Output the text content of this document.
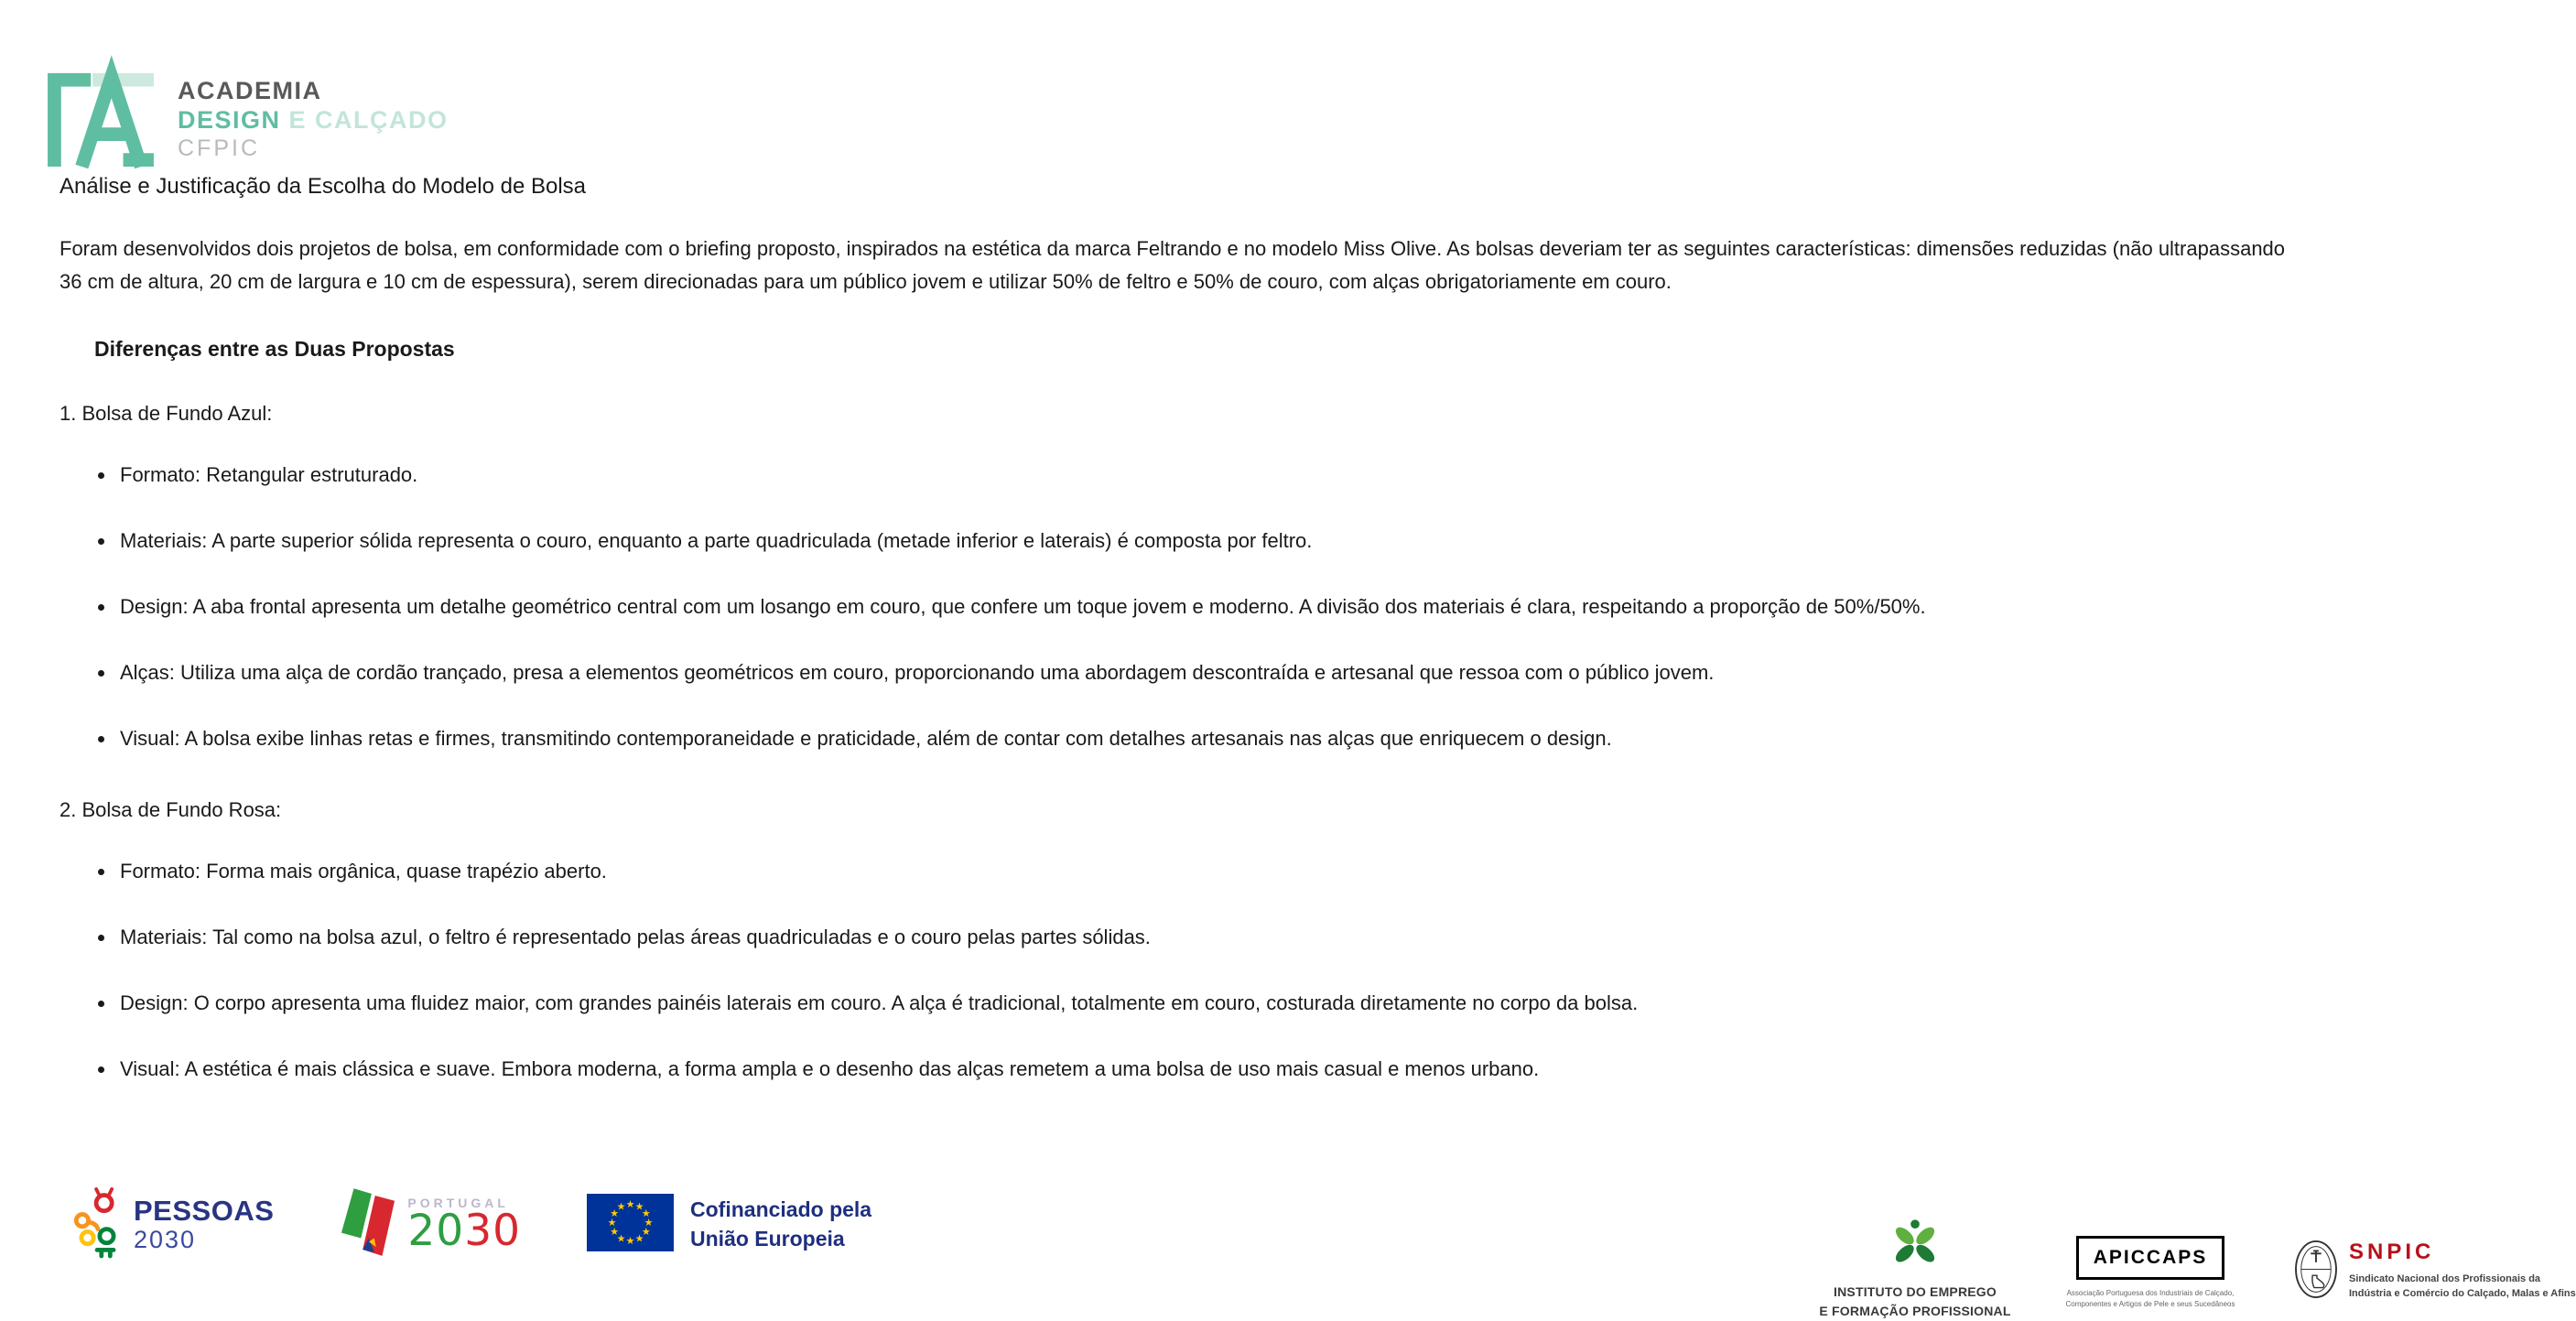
ACADEMIA
DESIGN E CALÇADO
CFPIC
Análise e Justificação da Escolha do Modelo de Bolsa

Foram desenvolvidos dois projetos de bolsa, em conformidade com o briefing proposto, inspirados na estética da marca Feltrando e no modelo Miss Olive. As bolsas deveriam ter as seguintes características: dimensões reduzidas (não ultrapassando 36 cm de altura, 20 cm de largura e 10 cm de espessura), serem direcionadas para um público jovem e utilizar 50% de feltro e 50% de couro, com alças obrigatoriamente em couro.

Diferenças entre as Duas Propostas

1. Bolsa de Fundo Azul:

• Formato: Retangular estruturado.
• Materiais: A parte superior sólida representa o couro, enquanto a parte quadriculada (metade inferior e laterais) é composta por feltro.
• Design: A aba frontal apresenta um detalhe geométrico central com um losango em couro, que confere um toque jovem e moderno. A divisão dos materiais é clara, respeitando a proporção de 50%/50%.
• Alças: Utiliza uma alça de cordão trançado, presa a elementos geométricos em couro, proporcionando uma abordagem descontraída e artesanal que ressoa com o público jovem.
• Visual: A bolsa exibe linhas retas e firmes, transmitindo contemporaneidade e praticidade, além de contar com detalhes artesanais nas alças que enriquecem o design.

2. Bolsa de Fundo Rosa:

• Formato: Forma mais orgânica, quase trapézio aberto.
• Materiais: Tal como na bolsa azul, o feltro é representado pelas áreas quadriculadas e o couro pelas partes sólidas.
• Design: O corpo apresenta uma fluidez maior, com grandes painéis laterais em couro. A alça é tradicional, totalmente em couro, costurada diretamente no corpo da bolsa.
• Visual: A estética é mais clássica e suave. Embora moderna, a forma ampla e o desenho das alças remetem a uma bolsa de uso mais casual e menos urbano.
PESSOAS
2030
PORTUGAL
2030
★ ★
★
★
★
★
★
★
★
★
★
★	Cofinanciado pela
União Europeia
INSTITUTO DO EMPREGO
E FORMAÇÃO PROFISSIONAL
APICCAPS
Associação Portuguesa dos Industriais de Calçado,
Componentes e Artigos de Pele e seus Sucedâneos
SNPIC
Sindicato Nacional dos Profissionais da
Indústria e Comércio do Calçado, Malas e Afins
